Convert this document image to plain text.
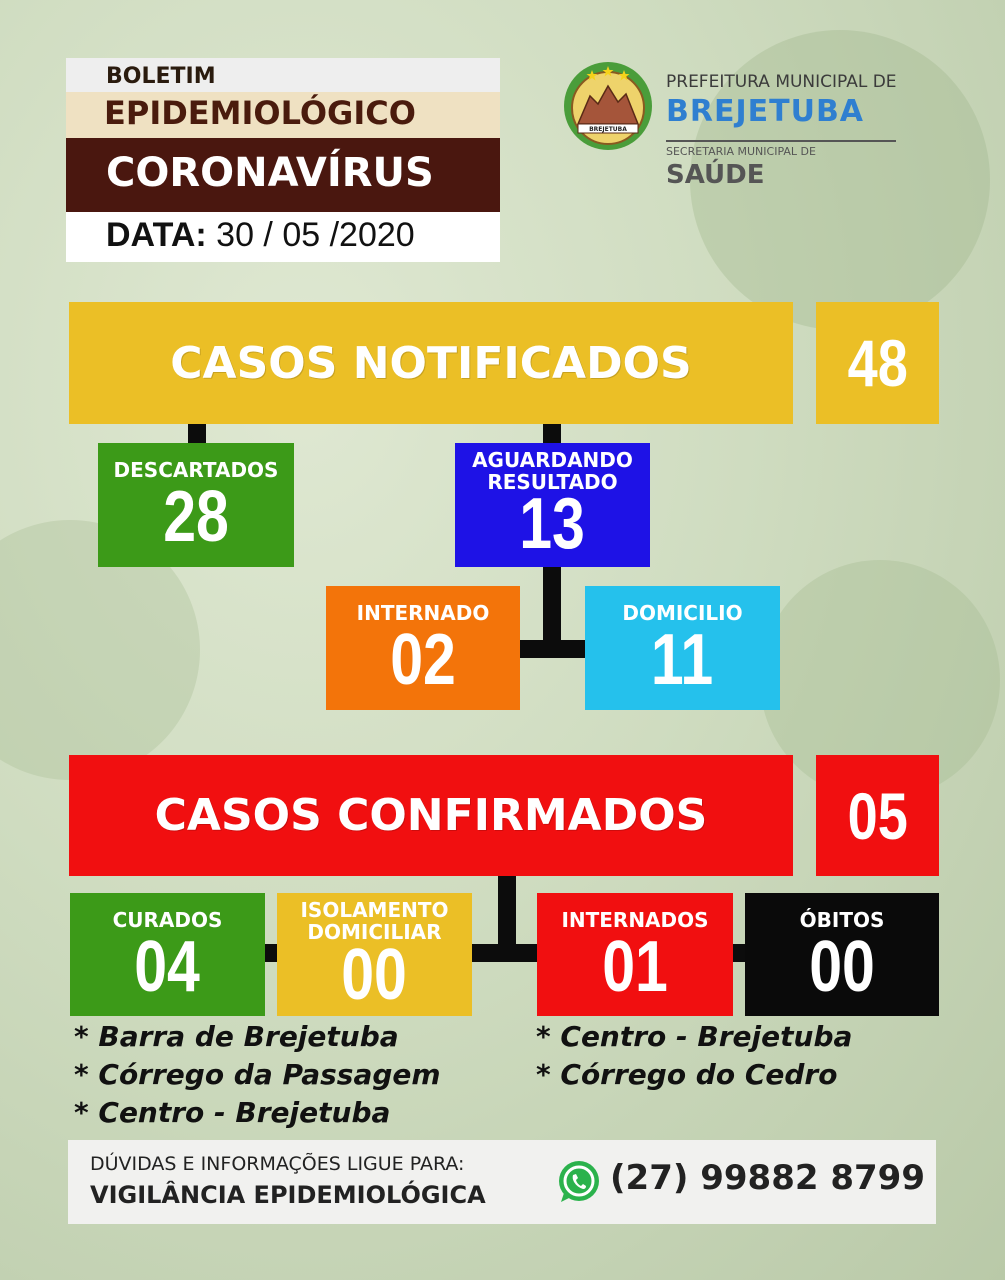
BOLETIM
EPIDEMIOLÓGICO
CORONAVÍRUS
DATA: 30 / 05 /2020
BREJETUBA
PREFEITURA MUNICIPAL DE
BREJETUBA
SECRETARIA MUNICIPAL DE
SAÚDE
CASOS NOTIFICADOS 48
DESCARTADOS
28
AGUARDANDO
RESULTADO
13
INTERNADO
02
DOMICILIO
11
CASOS CONFIRMADOS 05
CURADOS
04
ISOLAMENTO
DOMICILIAR
00
INTERNADOS
01
ÓBITOS
00
* Barra de Brejetuba
* Córrego da Passagem
* Centro - Brejetuba
* Centro - Brejetuba
* Córrego do Cedro
DÚVIDAS E INFORMAÇÕES LIGUE PARA:
VIGILÂNCIA EPIDEMIOLÓGICA	(27) 99882 8799
